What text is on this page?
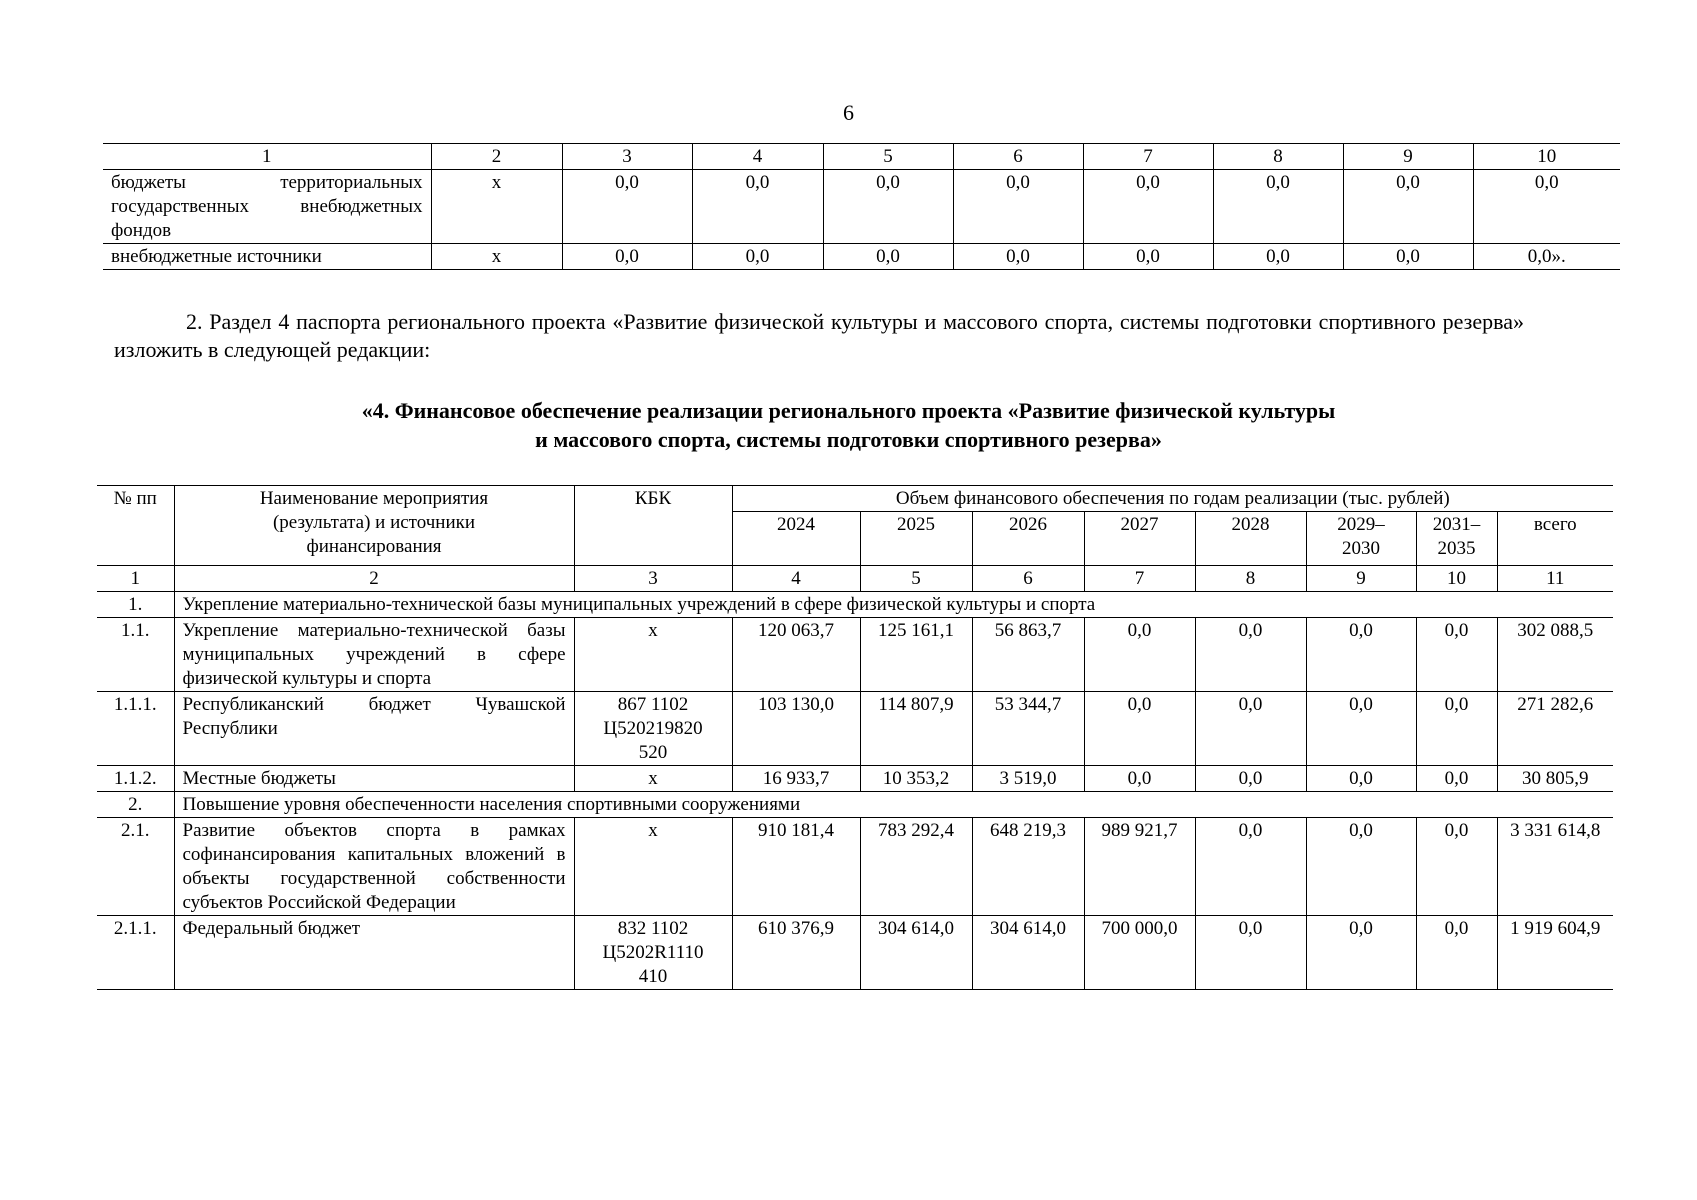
6
1	2	3	4	5	6	7	8	9	10
бюджеты территориальных государственных внебюджетных фондов	x	0,0	0,0	0,0	0,0	0,0	0,0	0,0	0,0
внебюджетные источники	x	0,0	0,0	0,0	0,0	0,0	0,0	0,0	0,0».
2. Раздел 4 паспорта регионального проекта «Развитие физической культуры и массового спорта, системы подготовки спортивного резерва» изложить в следующей редакции:
«4. Финансовое обеспечение реализации регионального проекта «Развитие физической культуры
и массового спорта, системы подготовки спортивного резерва»
№ пп	Наименование мероприятия (результата) и источники финансирования	КБК	Объем финансового обеспечения по годам реализации (тыс. рублей)							
			2024	2025	2026	2027	2028	2029–2030	2031–2035	всего
1	2	3	4	5	6	7	8	9	10	11
1.	Укрепление материально-технической базы муниципальных учреждений в сфере физической культуры и спорта									
1.1.	Укрепление материально-технической базы муниципальных учреждений в сфере физической культуры и спорта	x	120 063,7	125 161,1	56 863,7	0,0	0,0	0,0	0,0	302 088,5
1.1.1.	Республиканский бюджет Чувашской Республики	867 1102 Ц520219820 520	103 130,0	114 807,9	53 344,7	0,0	0,0	0,0	0,0	271 282,6
1.1.2.	Местные бюджеты	x	16 933,7	10 353,2	3 519,0	0,0	0,0	0,0	0,0	30 805,9
2.	Повышение уровня обеспеченности населения спортивными сооружениями									
2.1.	Развитие объектов спорта в рамках софинансирования капитальных вложений в объекты государственной собственности субъектов Российской Федерации	x	910 181,4	783 292,4	648 219,3	989 921,7	0,0	0,0	0,0	3 331 614,8
2.1.1.	Федеральный бюджет	832 1102 Ц5202R1110 410	610 376,9	304 614,0	304 614,0	700 000,0	0,0	0,0	0,0	1 919 604,9
